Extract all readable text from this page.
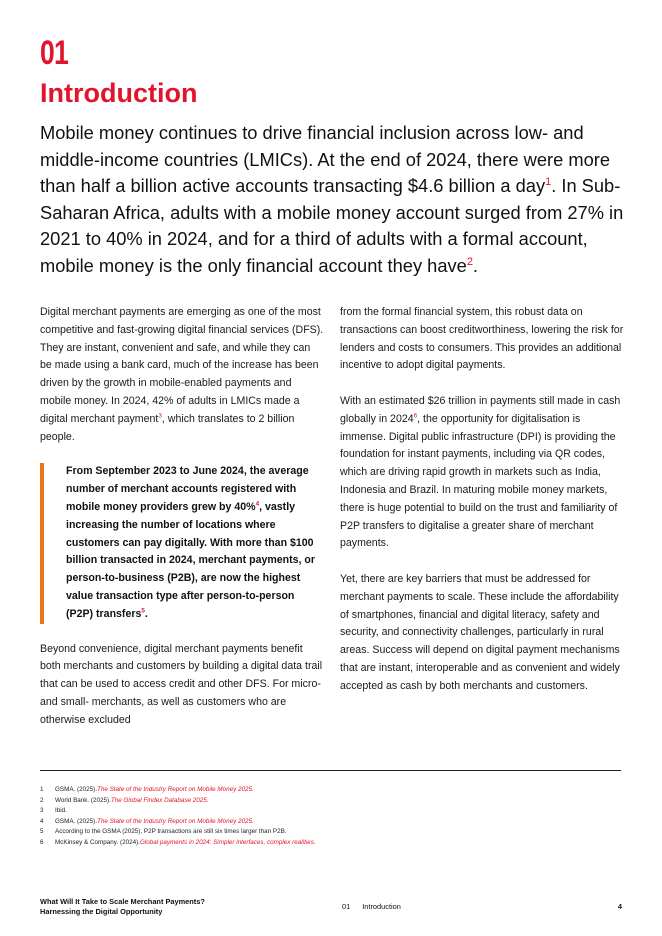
01
Introduction

Mobile money continues to drive financial inclusion across low- and middle-income countries (LMICs). At the end of 2024, there were more than half a billion active accounts transacting $4.6 billion a day$^1$. In Sub-Saharan Africa, adults with a mobile money account surged from 27% in 2021 to 40% in 2024, and for a third of adults with a formal account, mobile money is the only financial account they have$^2$.

Digital merchant payments are emerging as one of the most competitive and fast-growing digital financial services (DFS). They are instant, convenient and safe, and while they can be made using a bank card, much of the increase has been driven by the growth in mobile-enabled payments and mobile money. In 2024, 42% of adults in LMICs made a digital merchant payment$^3$, which translates to 2 billion people.

From September 2023 to June 2024, the average number of merchant accounts registered with mobile money providers grew by 40%$^4$, vastly increasing the number of locations where customers can pay digitally. With more than $100 billion transacted in 2024, merchant payments, or person-to-business (P2B), are now the highest value transaction type after person-to-person (P2P) transfers$^5$.

Beyond convenience, digital merchant payments benefit both merchants and customers by building a digital data trail that can be used to access credit and other DFS. For micro- and small- merchants, as well as customers who are otherwise excluded

from the formal financial system, this robust data on transactions can boost creditworthiness, lowering the risk for lenders and costs to consumers. This provides an additional incentive to adopt digital payments.

With an estimated $26 trillion in payments still made in cash globally in 2024$^6$, the opportunity for digitalisation is immense. Digital public infrastructure (DPI) is providing the foundation for instant payments, including via QR codes, which are driving rapid growth in markets such as India, Indonesia and Brazil. In maturing mobile money markets, there is huge potential to build on the trust and familiarity of P2P transfers to digitalise a greater share of merchant payments.

Yet, there are key barriers that must be addressed for merchant payments to scale. These include the affordability of smartphones, financial and digital literacy, safety and security, and connectivity challenges, particularly in rural areas. Success will depend on digital payment mechanisms that are instant, interoperable and as convenient and widely accepted as cash by both merchants and customers.

1	GSMA. (2025). The State of the Industry Report on Mobile Money 2025.
2	World Bank. (2025). The Global Findex Database 2025.
3	Ibid.
4	GSMA. (2025). The State of the Industry Report on Mobile Money 2025.
5	According to the GSMA (2025), P2P transactions are still six times larger than P2B.
6	McKinsey & Company. (2024). Global payments in 2024: Simpler interfaces, complex realities.

What Will It Take to Scale Merchant Payments?
Harnessing the Digital Opportunity

01 Introduction	4
